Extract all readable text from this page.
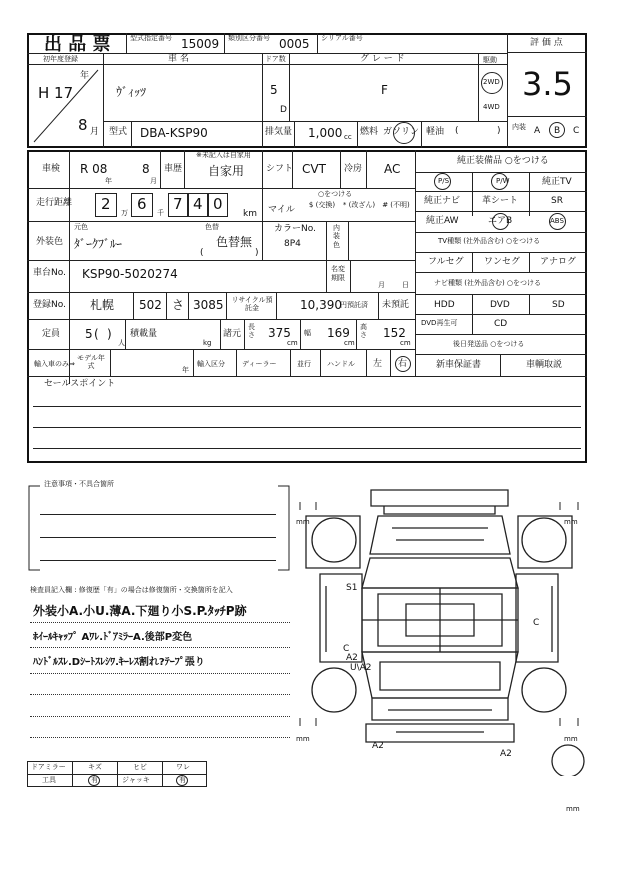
出 品 票	型式指定番号 15009 類別区分番号 0005 シリアル番号	評 価 点
3.5
内装 A B C
初年度登録
H 17
年
8 月
車 名
ｳﾞｨｯﾂ
ドア数
5
D
グ レ ー ド
F
駆動
2WD
4WD
型式 DBA-KSP90	排気量 1,000 cc 燃料 ガソリン 軽油 (	)
車検 R 08
年
8
月
車歴
※未記入は自家用
自家用 シフト CVT 冷房 AC
走行距離 2 万 6 千 7 4 0
km
○をつける
マイル	$ (交換)	* (改ざん)	# (不明)
外装色
元色
ﾀﾞｰｸﾌﾞﾙｰ
色替
色替無
(	)
カラーNo.
8P4
内装色
車台No. KSP90-5020274	名変期限
月 日
登録No. 札幌 502 さ 3085 リサイクル預託金	10,390
円預託済 未預託
定員 5 ( )
人
積載量
kg
諸元
長さ 375
cm
幅 169
cm
高さ 152
cm
輸入車のみ⇒
モデル年式	年
輸入区分 ディーラー	並行 ハンドル 左 右
純正装備品 ○をつける
P/S	P/W	純正TV
純正ナビ 革シート	SR
純正AW	エアB	ABS
TV種類 (社外品含む) ○をつける
フルセグ ワンセグ アナログ
ナビ種類 (社外品含む) ○をつける
HDD	DVD	SD
DVD再生可	CD
後日発送品 ○をつける
新車保証書	車輌取説
セールスポイント
注意事項・不具合箇所
検査員記入欄 : 修復歴「有」の場合は修復箇所・交換箇所を記入
外装小A.小U.薄A.下廻り小S.P.ﾀｯﾁP跡
ﾎｲｰﾙｷｬｯﾌﾟ Aﾜﾚ.ﾄﾞｱﾐﾗｰA.後部P変色
ﾊﾝﾄﾞﾙｽﾚ.Dｼｰﾄｽﾚｼﾜ.ｷｰﾚｽ割れ?ﾃｰﾌﾟ張り
ドアミラー	キズ	ヒビ	ワレ
工具	有	ジャッキ	有
mm	mm
mm	mm
mm
S1
C
C
A2
U\A2
A2
A2
